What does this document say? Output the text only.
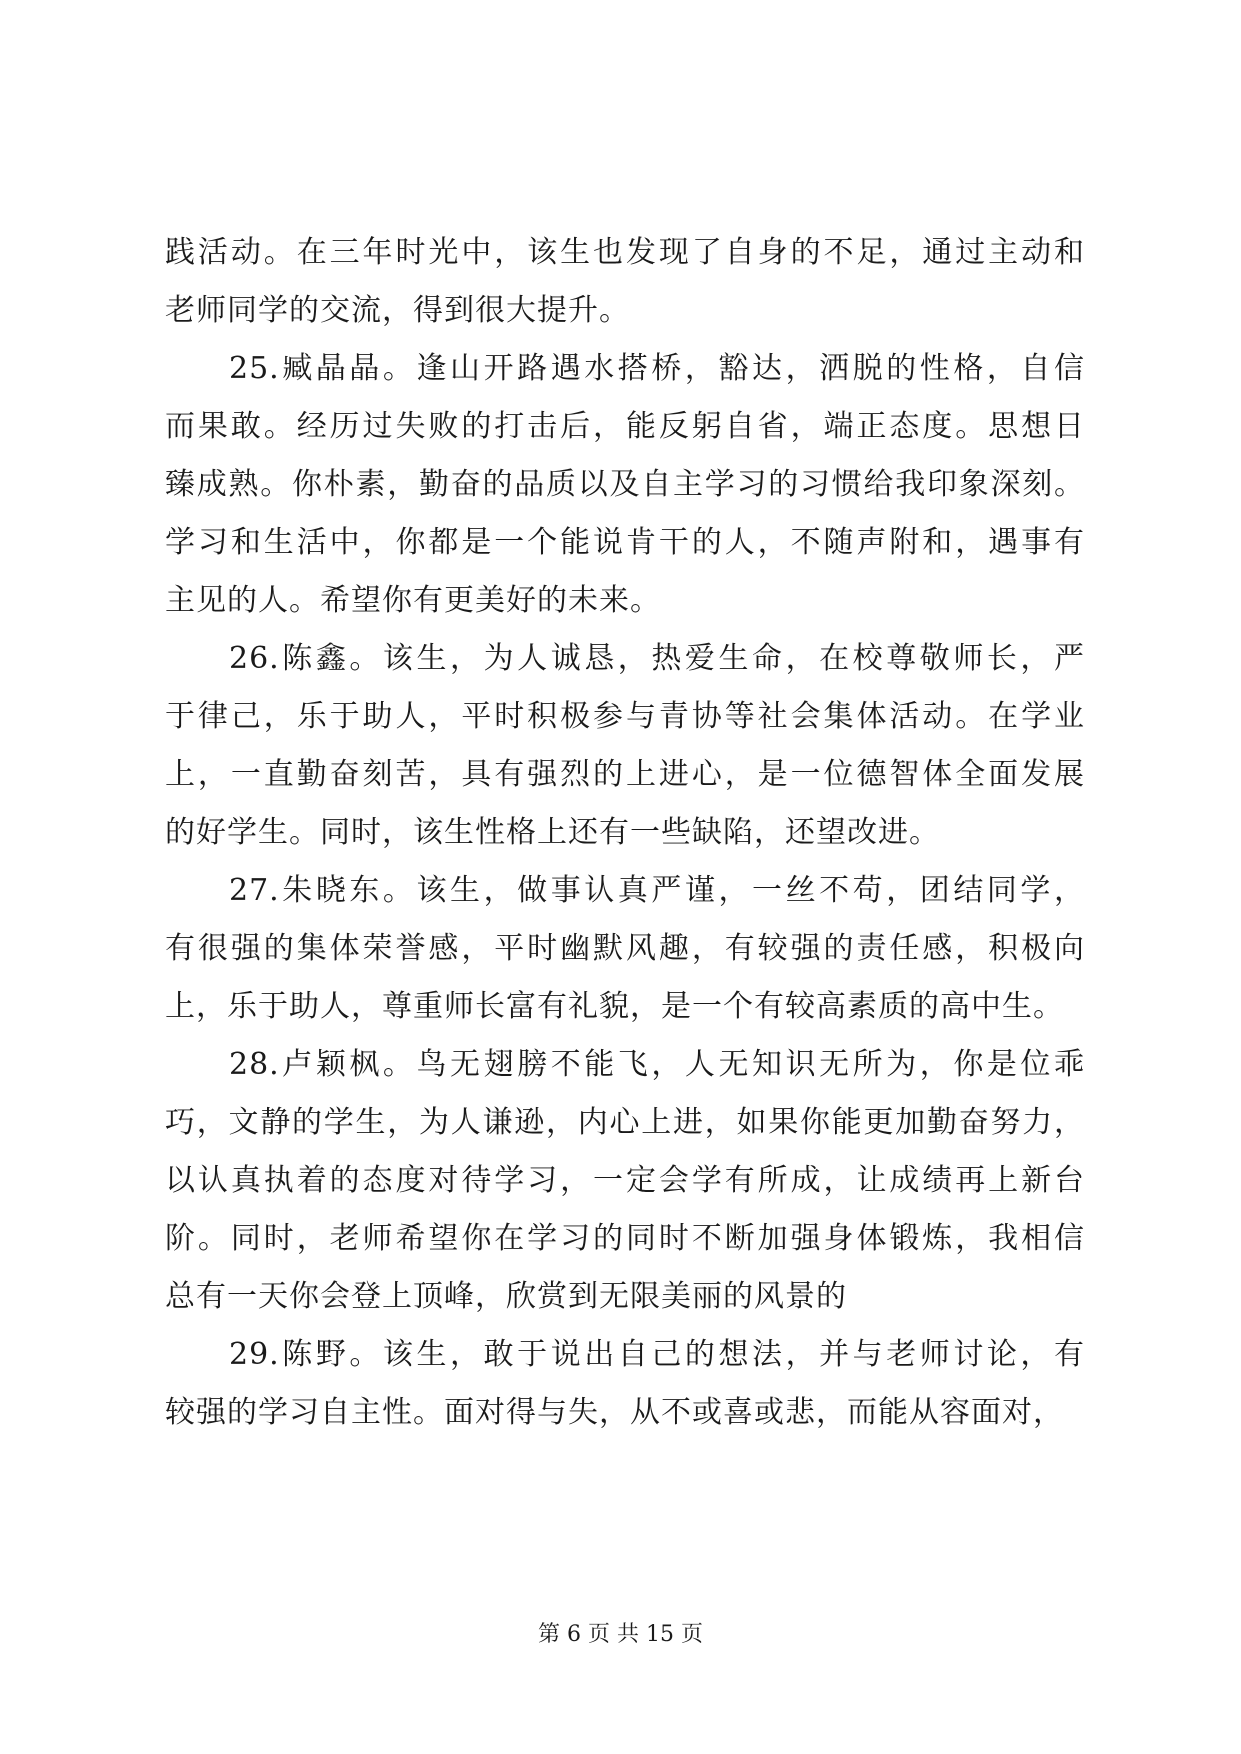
践活动。在三年时光中，该生也发现了自身的不足，通过主动和
老师同学的交流，得到很大提升。
25.臧晶晶。逢山开路遇水搭桥，豁达，洒脱的性格，自信
而果敢。经历过失败的打击后，能反躬自省，端正态度。思想日
臻成熟。你朴素，勤奋的品质以及自主学习的习惯给我印象深刻。
学习和生活中，你都是一个能说肯干的人，不随声附和，遇事有
主见的人。希望你有更美好的未来。
26.陈鑫。该生，为人诚恳，热爱生命，在校尊敬师长，严
于律己，乐于助人，平时积极参与青协等社会集体活动。在学业
上，一直勤奋刻苦，具有强烈的上进心，是一位德智体全面发展
的好学生。同时，该生性格上还有一些缺陷，还望改进。
27.朱晓东。该生，做事认真严谨，一丝不苟，团结同学，
有很强的集体荣誉感，平时幽默风趣，有较强的责任感，积极向
上，乐于助人，尊重师长富有礼貌，是一个有较高素质的高中生。
28.卢颖枫。鸟无翅膀不能飞，人无知识无所为，你是位乖
巧，文静的学生，为人谦逊，内心上进，如果你能更加勤奋努力，
以认真执着的态度对待学习，一定会学有所成，让成绩再上新台
阶。同时，老师希望你在学习的同时不断加强身体锻炼，我相信
总有一天你会登上顶峰，欣赏到无限美丽的风景的
29.陈野。该生，敢于说出自己的想法，并与老师讨论，有
较强的学习自主性。面对得与失，从不或喜或悲，而能从容面对，
第 6 页 共 15 页
